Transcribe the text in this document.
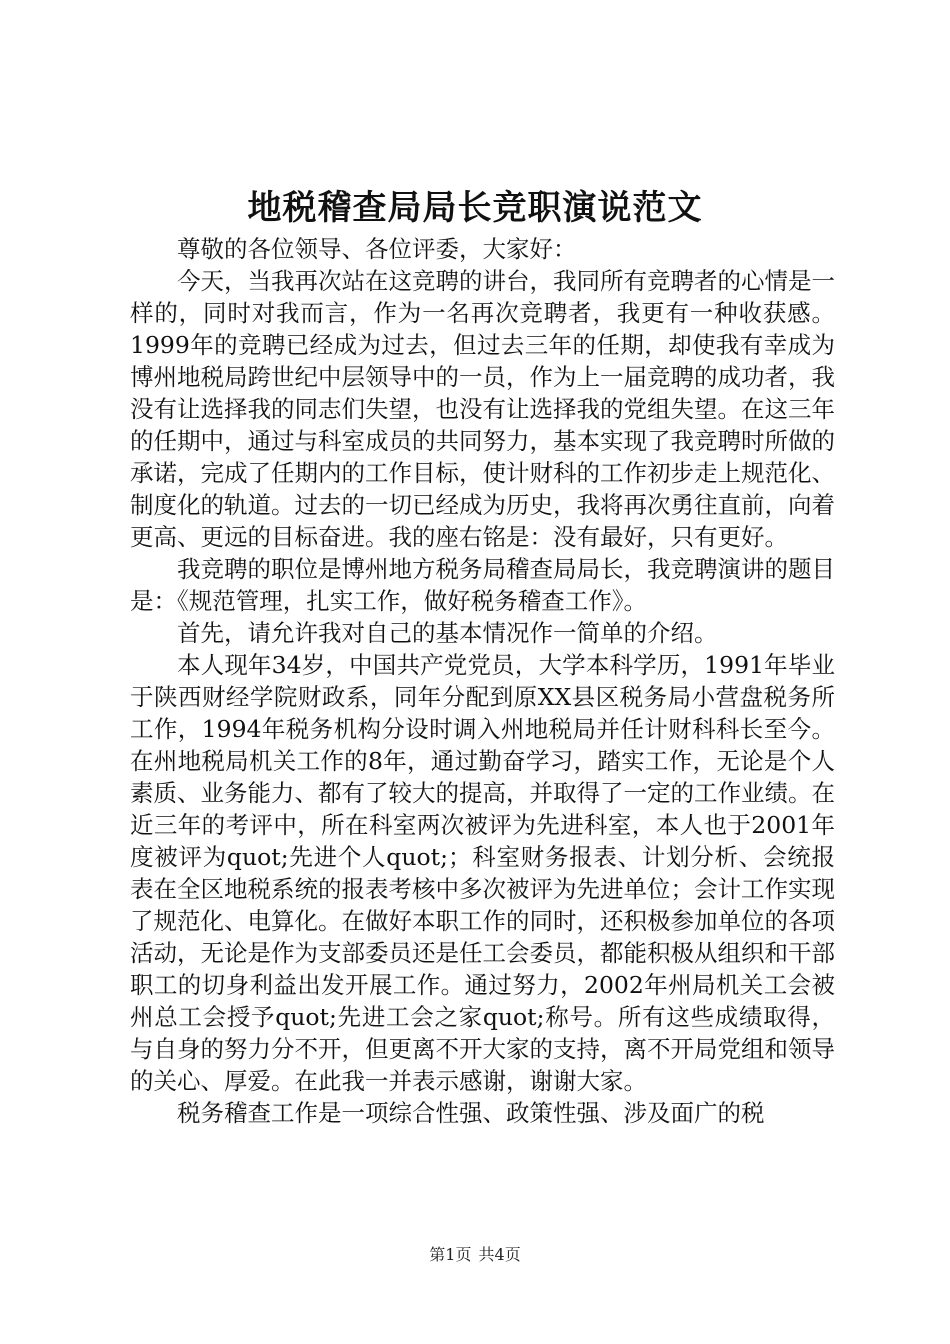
地税稽查局局长竞职演说范文

尊敬的各位领导、各位评委，大家好：

今天，当我再次站在这竞聘的讲台，我同所有竞聘者的心情是一样的，同时对我而言，作为一名再次竞聘者，我更有一种收获感。1999年的竞聘已经成为过去，但过去三年的任期，却使我有幸成为博州地税局跨世纪中层领导中的一员，作为上一届竞聘的成功者，我没有让选择我的同志们失望，也没有让选择我的党组失望。在这三年的任期中，通过与科室成员的共同努力，基本实现了我竞聘时所做的承诺，完成了任期内的工作目标，使计财科的工作初步走上规范化、制度化的轨道。过去的一切已经成为历史，我将再次勇往直前，向着更高、更远的目标奋进。我的座右铭是：没有最好，只有更好。

我竞聘的职位是博州地方税务局稽查局局长，我竞聘演讲的题目是：《规范管理，扎实工作，做好税务稽查工作》。

首先，请允许我对自己的基本情况作一简单的介绍。

本人现年34岁，中国共产党党员，大学本科学历，1991年毕业于陕西财经学院财政系，同年分配到原XX县区税务局小营盘税务所工作，1994年税务机构分设时调入州地税局并任计财科科长至今。在州地税局机关工作的8年，通过勤奋学习，踏实工作，无论是个人素质、业务能力、都有了较大的提高，并取得了一定的工作业绩。在近三年的考评中，所在科室两次被评为先进科室，本人也于2001年度被评为quot;先进个人quot;；科室财务报表、计划分析、会统报表在全区地税系统的报表考核中多次被评为先进单位；会计工作实现了规范化、电算化。在做好本职工作的同时，还积极参加单位的各项活动，无论是作为支部委员还是任工会委员，都能积极从组织和干部职工的切身利益出发开展工作。通过努力，2002年州局机关工会被州总工会授予quot;先进工会之家quot;称号。所有这些成绩取得，与自身的努力分不开，但更离不开大家的支持，离不开局党组和领导的关心、厚爱。在此我一并表示感谢，谢谢大家。

税务稽查工作是一项综合性强、政策性强、涉及面广的税

第1页 共4页
